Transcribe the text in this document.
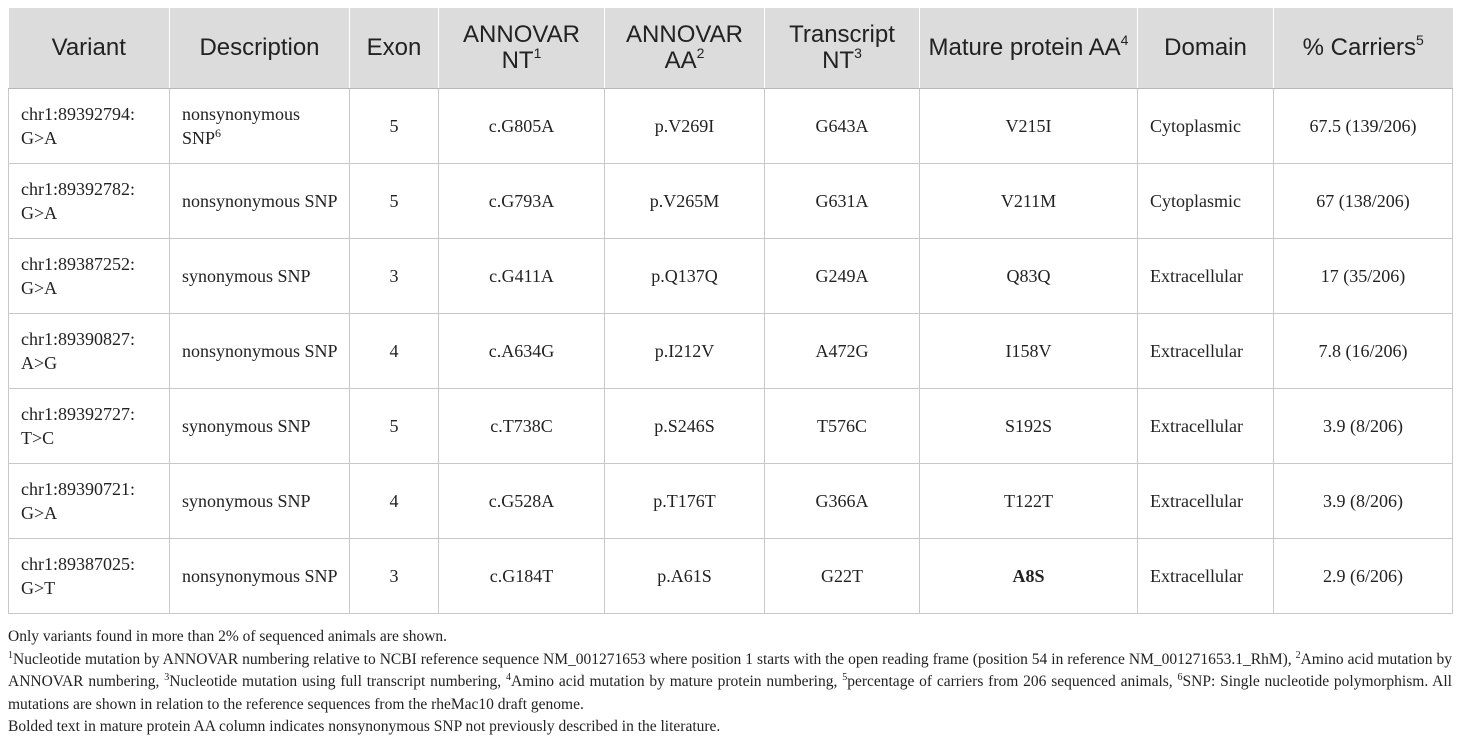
Variant	Description	Exon	ANNOVAR $NT^1$	ANNOVAR $AA^2$	Transcript $NT^3$	Mature protein $AA^4$	Domain	% Carriers$^5$
chr1:89392794: G>A	nonsynonymous SNP$^6$	5	c.G805A	p.V269I	G643A	V215I	Cytoplasmic	67.5 (139/206)
chr1:89392782: G>A	nonsynonymous SNP	5	c.G793A	p.V265M	G631A	V211M	Cytoplasmic	67 (138/206)
chr1:89387252: G>A	synonymous SNP	3	c.G411A	p.Q137Q	G249A	Q83Q	Extracellular	17 (35/206)
chr1:89390827: A>G	nonsynonymous SNP	4	c.A634G	p.I212V	A472G	I158V	Extracellular	7.8 (16/206)
chr1:89392727: T>C	synonymous SNP	5	c.T738C	p.S246S	T576C	S192S	Extracellular	3.9 (8/206)
chr1:89390721: G>A	synonymous SNP	4	c.G528A	p.T176T	G366A	T122T	Extracellular	3.9 (8/206)
chr1:89387025: G>T	nonsynonymous SNP	3	c.G184T	p.A61S	G22T	A8S	Extracellular	2.9 (6/206)

Only variants found in more than 2% of sequenced animals are shown.

$^1$Nucleotide mutation by ANNOVAR numbering relative to NCBI reference sequence NM_001271653 where position 1 starts with the open reading frame (position 54 in reference NM_001271653.1_RhM), $^2$Amino acid mutation by ANNOVAR numbering, $^3$Nucleotide mutation using full transcript numbering, $^4$Amino acid mutation by mature protein numbering, $^5$percentage of carriers from 206 sequenced animals, $^6$SNP: Single nucleotide polymorphism. All mutations are shown in relation to the reference sequences from the rheMac10 draft genome.

Bolded text in mature protein AA column indicates nonsynonymous SNP not previously described in the literature.
